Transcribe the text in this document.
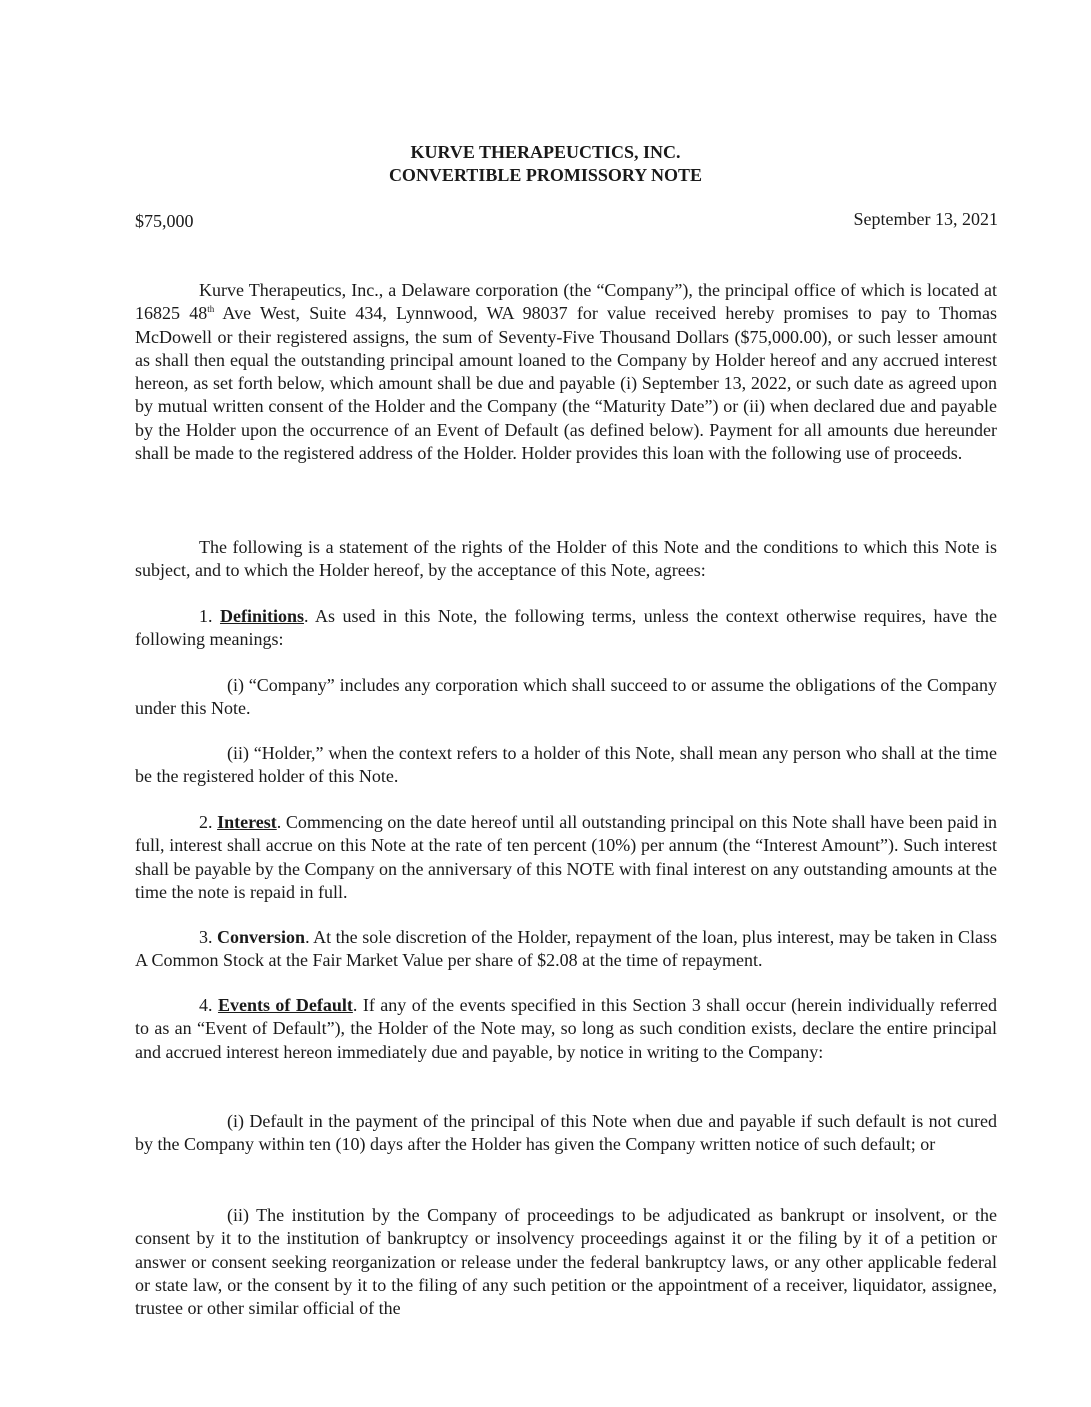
KURVE THERAPEUCTICS, INC.
CONVERTIBLE PROMISSORY NOTE
$75,000	September 13, 2021
Kurve Therapeutics, Inc., a Delaware corporation (the “Company”), the principal office of which is located at 16825 48th Ave West, Suite 434, Lynnwood, WA 98037 for value received hereby promises to pay to Thomas McDowell or their registered assigns, the sum of Seventy-Five Thousand Dollars ($75,000.00), or such lesser amount as shall then equal the outstanding principal amount loaned to the Company by Holder hereof and any accrued interest hereon, as set forth below, which amount shall be due and payable (i) September 13, 2022, or such date as agreed upon by mutual written consent of the Holder and the Company (the “Maturity Date”) or (ii) when declared due and payable by the Holder upon the occurrence of an Event of Default (as defined below). Payment for all amounts due hereunder shall be made to the registered address of the Holder. Holder provides this loan with the following use of proceeds.
The following is a statement of the rights of the Holder of this Note and the conditions to which this Note is subject, and to which the Holder hereof, by the acceptance of this Note, agrees:
1. Definitions. As used in this Note, the following terms, unless the context otherwise requires, have the following meanings:
(i) “Company” includes any corporation which shall succeed to or assume the obligations of the Company under this Note.
(ii) “Holder,” when the context refers to a holder of this Note, shall mean any person who shall at the time be the registered holder of this Note.
2. Interest. Commencing on the date hereof until all outstanding principal on this Note shall have been paid in full, interest shall accrue on this Note at the rate of ten percent (10%) per annum (the “Interest Amount”). Such interest shall be payable by the Company on the anniversary of this NOTE with final interest on any outstanding amounts at the time the note is repaid in full.
3. Conversion. At the sole discretion of the Holder, repayment of the loan, plus interest, may be taken in Class A Common Stock at the Fair Market Value per share of $2.08 at the time of repayment.
4. Events of Default. If any of the events specified in this Section 3 shall occur (herein individually referred to as an “Event of Default”), the Holder of the Note may, so long as such condition exists, declare the entire principal and accrued interest hereon immediately due and payable, by notice in writing to the Company:
(i) Default in the payment of the principal of this Note when due and payable if such default is not cured by the Company within ten (10) days after the Holder has given the Company written notice of such default; or
(ii) The institution by the Company of proceedings to be adjudicated as bankrupt or insolvent, or the consent by it to the institution of bankruptcy or insolvency proceedings against it or the filing by it of a petition or answer or consent seeking reorganization or release under the federal bankruptcy laws, or any other applicable federal or state law, or the consent by it to the filing of any such petition or the appointment of a receiver, liquidator, assignee, trustee or other similar official of the
